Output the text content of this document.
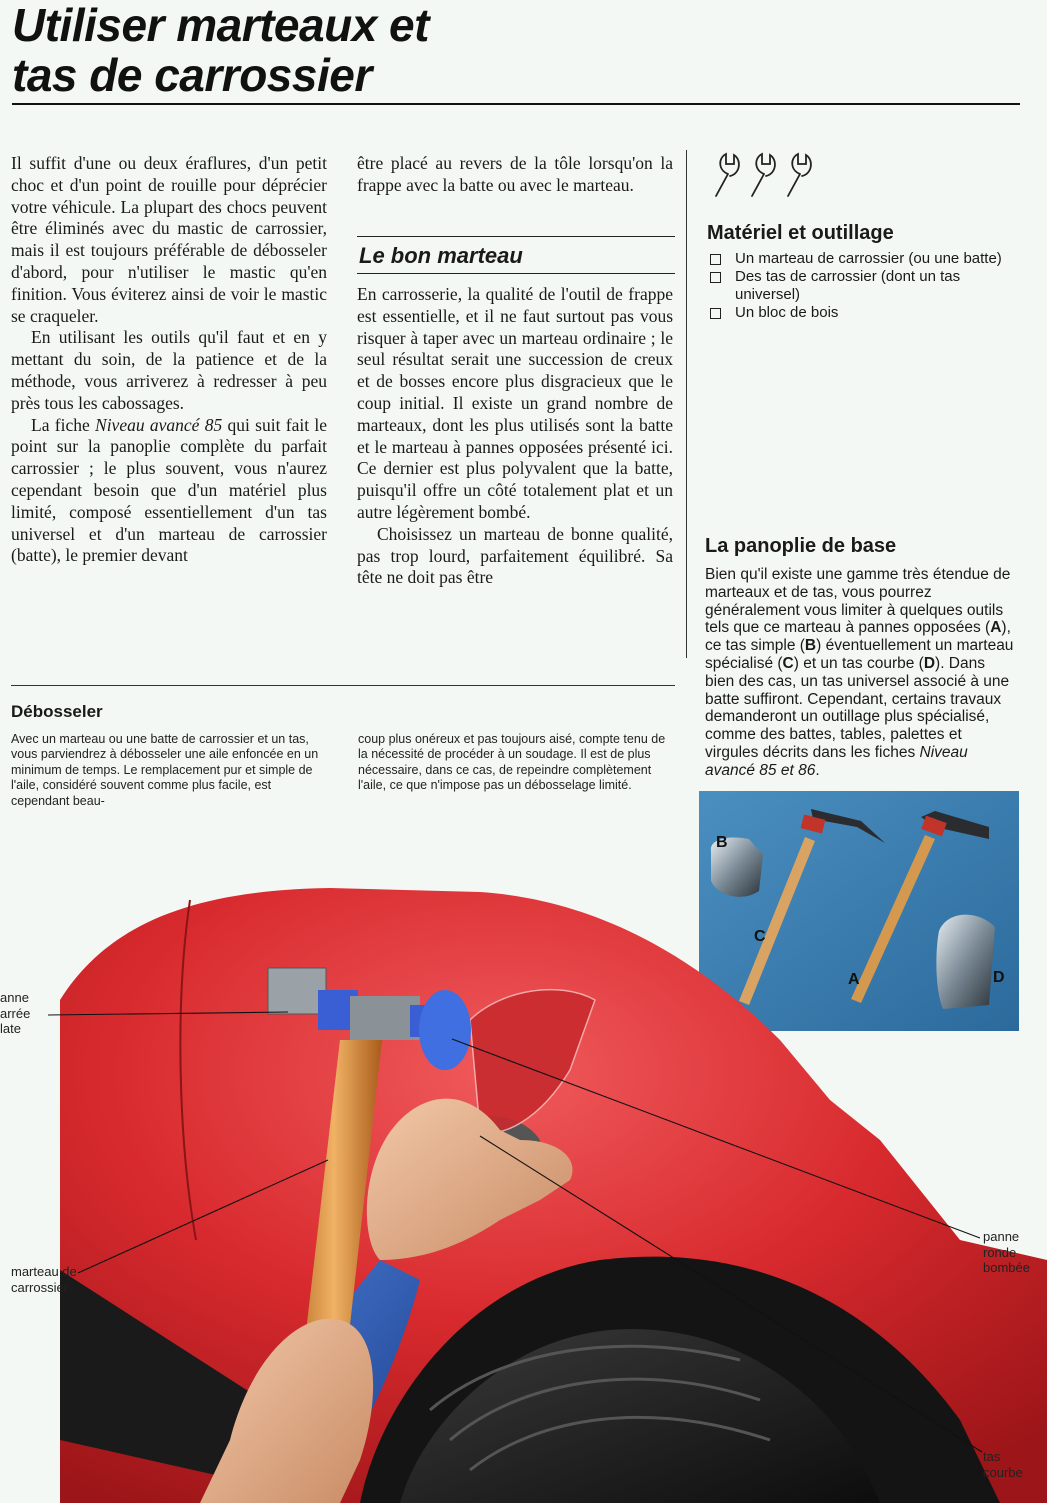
Utiliser marteaux et
tas de carrossier

Il suffit d'une ou deux éraflures, d'un petit choc et d'un point de rouille pour déprécier votre véhicule. La plupart des chocs peuvent être éliminés avec du mastic de carrossier, mais il est toujours préférable de débosseler d'abord, pour n'utiliser le mastic qu'en finition. Vous éviterez ainsi de voir le mastic se craqueler.

En utilisant les outils qu'il faut et en y mettant du soin, de la patience et de la méthode, vous arriverez à redresser à peu près tous les cabossages.

La fiche Niveau avancé 85 qui suit fait le point sur la panoplie complète du parfait carrossier ; le plus souvent, vous n'aurez cependant besoin que d'un matériel plus limité, composé essentiellement d'un tas universel et d'un marteau de carrossier (batte), le premier devant

être placé au revers de la tôle lorsqu'on la frappe avec la batte ou avec le marteau.

Le bon marteau

En carrosserie, la qualité de l'outil de frappe est essentielle, et il ne faut surtout pas vous risquer à taper avec un marteau ordinaire ; le seul résultat serait une succession de creux et de bosses encore plus disgracieux que le coup initial. Il existe un grand nombre de marteaux, dont les plus utilisés sont la batte et le marteau à pannes opposées présenté ici. Ce dernier est plus polyvalent que la batte, puisqu'il offre un côté totalement plat et un autre légèrement bombé.

Choisissez un marteau de bonne qualité, pas trop lourd, parfaitement équilibré. Sa tête ne doit pas être

Matériel et outillage
Un marteau de carrossier (ou une batte)
Des tas de carrossier (dont un tas universel)
Un bloc de bois
La panoplie de base

Bien qu'il existe une gamme très étendue de marteaux et de tas, vous pourrez généralement vous limiter à quelques outils tels que ce marteau à pannes opposées (A), ce tas simple (B) éventuellement un marteau spécialisé (C) et un tas courbe (D). Dans bien des cas, un tas universel associé à une batte suffiront. Cependant, certains travaux demanderont un outillage plus spécialisé, comme des battes, tables, palettes et virgules décrits dans les fiches Niveau avancé 85 et 86.

B
C
A	D
Débosseler

Avec un marteau ou une batte de carrossier et un tas, vous parviendrez à débosseler une aile enfoncée en un minimum de temps. Le remplacement pur et simple de l'aile, considéré souvent comme plus facile, est cependant beau-

coup plus onéreux et pas toujours aisé, compte tenu de la nécessité de procéder à un soudage. Il est de plus nécessaire, dans ce cas, de repeindre complètement l'aile, ce que n'impose pas un débosselage limité.

anne
arrée
late
marteau de
carrossier
panne
ronde
bombée
tas
courbe
